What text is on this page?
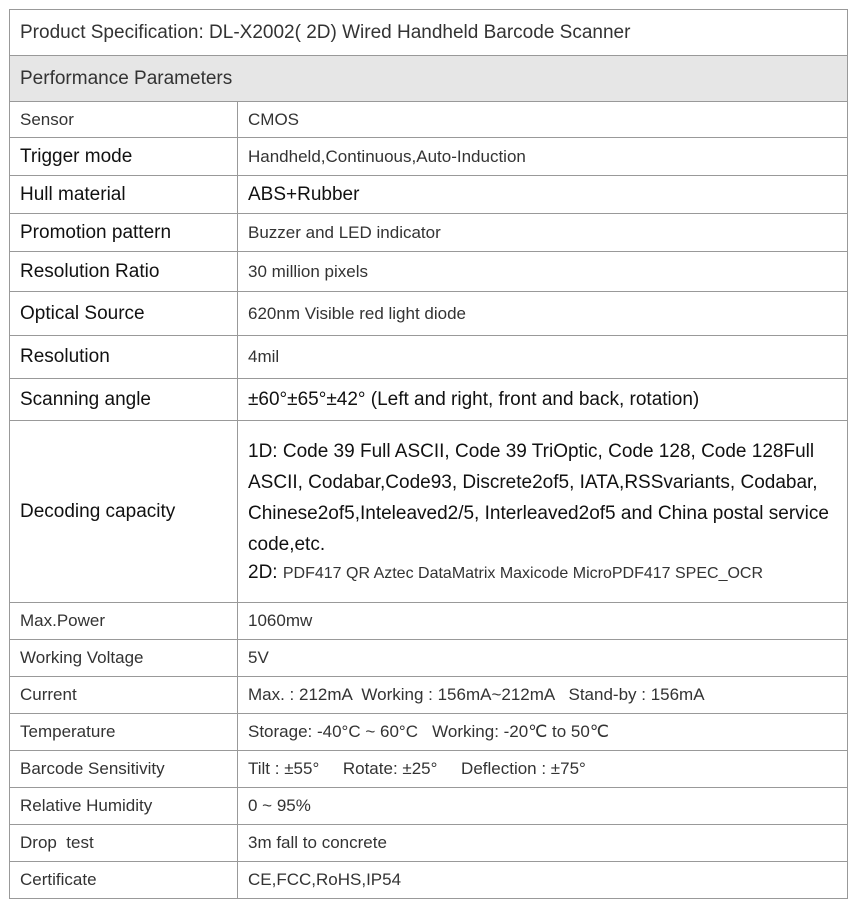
Product Specification: DL-X2002( 2D) Wired Handheld Barcode Scanner	
Performance Parameters	
Sensor	CMOS
Trigger mode	Handheld,Continuous,Auto-Induction
Hull material	ABS+Rubber
Promotion pattern	Buzzer and LED indicator
Resolution Ratio	30 million pixels
Optical Source	620nm Visible red light diode
Resolution	4mil
Scanning angle	±60°±65°±42° (Left and right, front and back, rotation)
Decoding capacity	1D: Code 39 Full ASCII, Code 39 TriOptic, Code 128, Code 128Full ASCII, Codabar,Code93, Discrete2of5, IATA,RSSvariants, Codabar, Chinese2of5,Inteleaved2/5, Interleaved2of5 and China postal service code,etc.
2D: PDF417 QR Aztec DataMatrix Maxicode MicroPDF417 SPEC_OCR

Max.Power	1060mw
Working Voltage	5V
Current	Max. : 212mA  Working : 156mA~212mA   Stand-by : 156mA
Temperature	Storage: -40°C ~ 60°C   Working: -20℃ to 50℃
Barcode Sensitivity	Tilt : ±55°     Rotate: ±25°     Deflection : ±75°
Relative Humidity	0 ~ 95%
Drop  test	3m fall to concrete
Certificate	CE,FCC,RoHS,IP54
